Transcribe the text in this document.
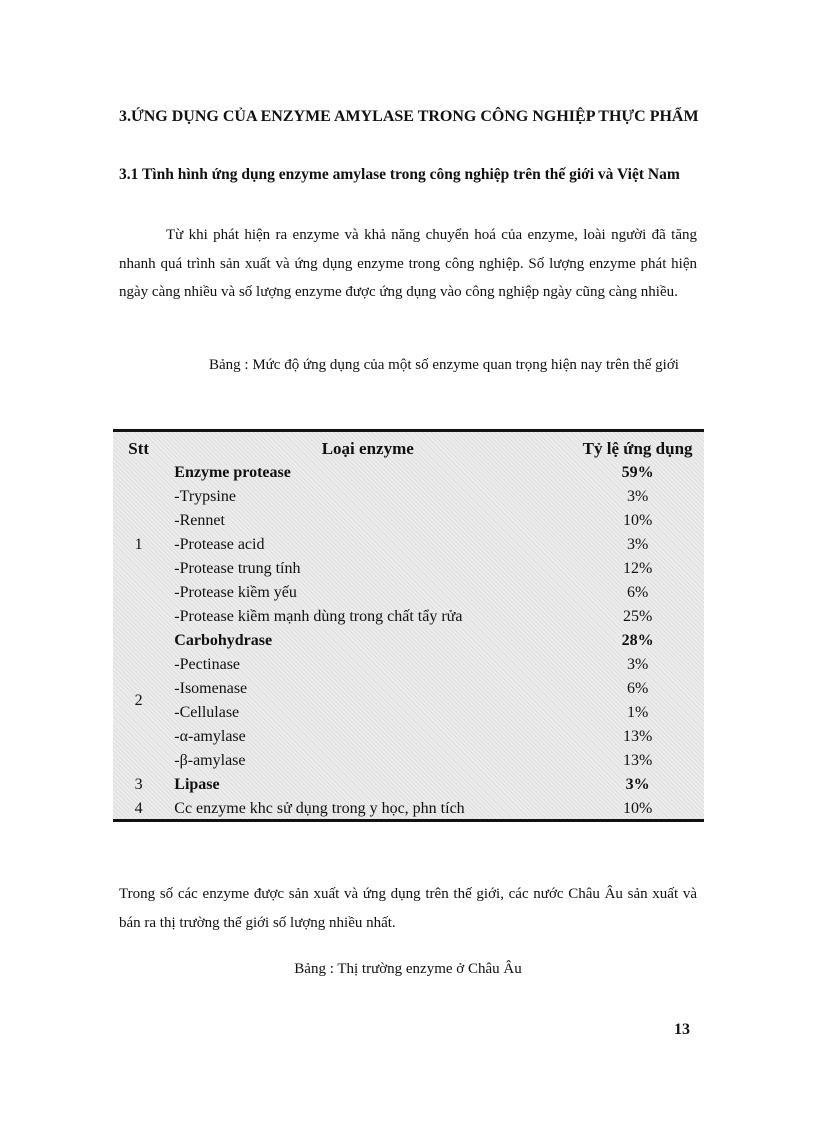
3.ỨNG DỤNG CỦA ENZYME AMYLASE TRONG CÔNG NGHIỆP THỰC PHẨM
3.1 Tình hình ứng dụng enzyme amylase trong công nghiệp trên thế giới và Việt Nam

Từ khi phát hiện ra enzyme và khả năng chuyển hoá của enzyme, loài người đã tăng nhanh quá trình sản xuất và ứng dụng enzyme trong công nghiệp. Số lượng enzyme phát hiện ngày càng nhiều và số lượng enzyme được ứng dụng vào công nghiệp ngày cũng càng nhiều.

Bảng : Mức độ ứng dụng của một số enzyme quan trọng hiện nay trên thế giới

Stt	Loại enzyme	Tỷ lệ ứng dụng
1	Enzyme protease	59%
	-Trypsine	3%
	-Rennet	10%
	-Protease acid	3%
	-Protease trung tính	12%
	-Protease kiềm yếu	6%
	-Protease kiềm mạnh dùng trong chất tẩy rửa	25%
2	Carbohydrase	28%
	-Pectinase	3%
	-Isomenase	6%
	-Cellulase	1%
	-α-amylase	13%
	-β-amylase	13%
3	Lipase	3%
4	Cc enzyme khc sử dụng trong y học, phn tích	10%

Trong số các enzyme được sản xuất và ứng dụng trên thế giới, các nước Châu Âu sản xuất và bán ra thị trường thế giới số lượng nhiều nhất.

Bảng : Thị trường enzyme ở Châu Âu

13
